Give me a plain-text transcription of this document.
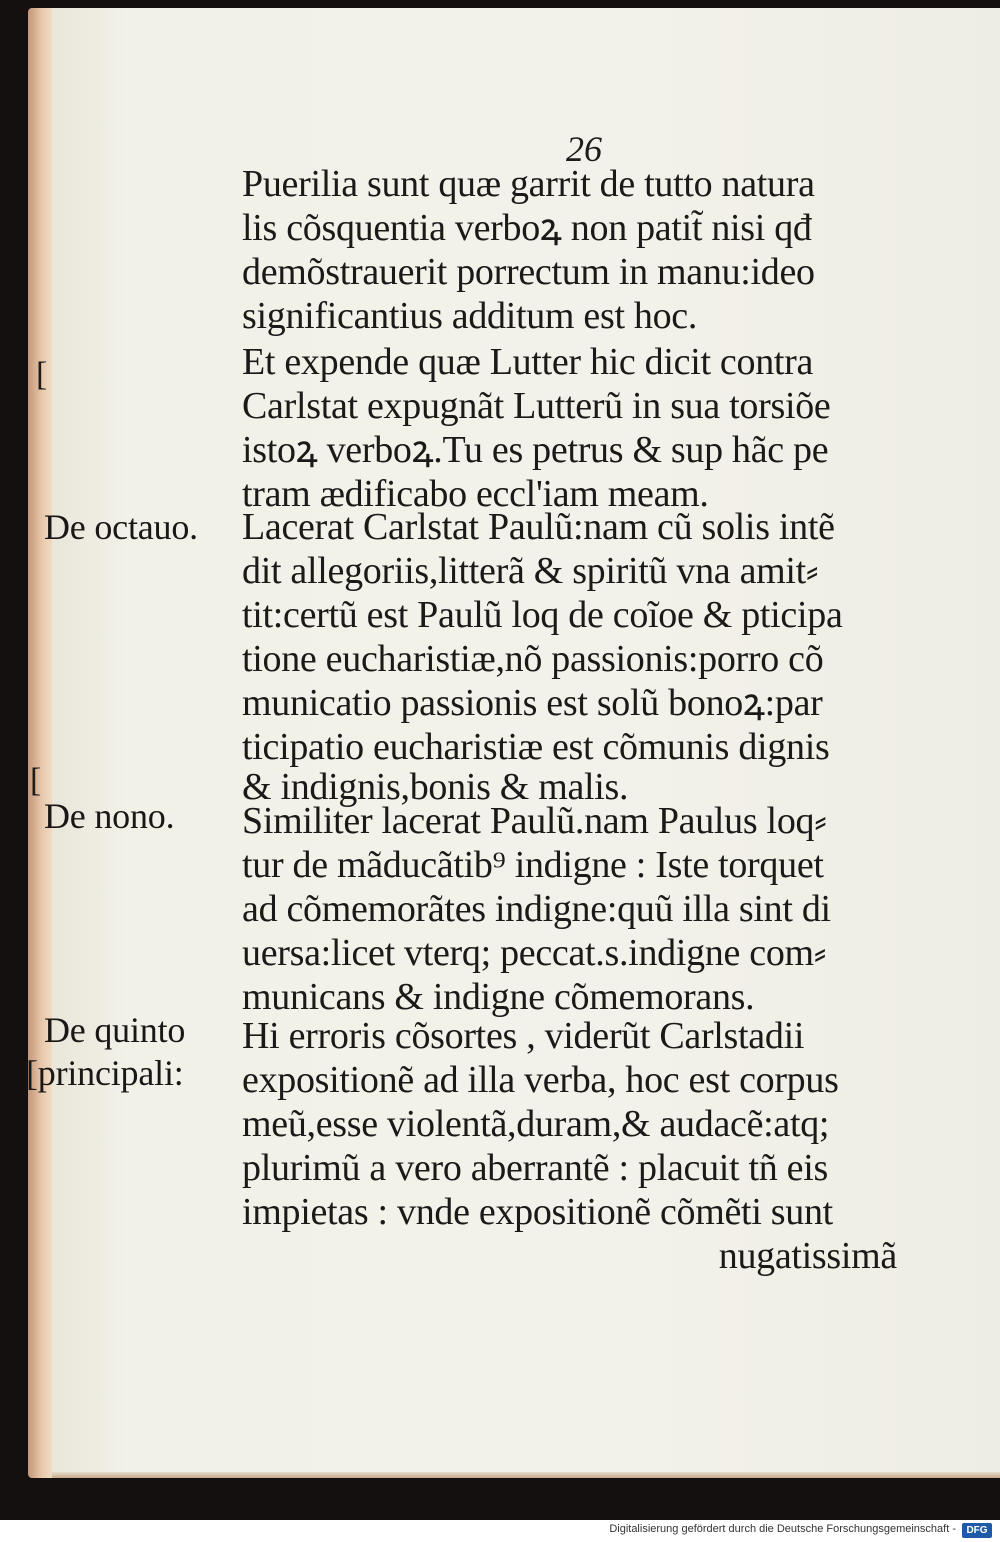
26
Puerilia sunt quæ garrit de tutto natura
lis cõsquentia verboꝝ non patit̃ nisi qđ
demõstrauerit porrectum in manu:ideo
significantius additum est hoc.
Et expende quæ Lutter hic dicit contra
Carlstat expugnãt Lutterũ in sua torsiõe
istoꝝ verboꝝ.Tu es petrus & sup hãc pe
tram ædificabo eccl'iam meam.
Lacerat Carlstat Paulũ:nam cũ solis intẽ
dit allegoriis,litterã & spiritũ vna amit⸗
tit:certũ est Paulũ loq de coĩoe & pticipa
tione eucharistiæ,nõ passionis:porro cõ
municatio passionis est solũ bonoꝝ:par
ticipatio eucharistiæ est cõmunis dignis
& indignis,bonis & malis.
Similiter lacerat Paulũ.nam Paulus loq⸗
tur de mãducãtib⁹ indigne : Iste torquet
ad cõmemorãtes indigne:quũ illa sint di
uersa:licet vterq; peccat.s.indigne com⸗
municans & indigne cõmemorans.
Hi erroris cõsortes , viderũt Carlstadii
expositionẽ ad illa verba, hoc est corpus
meũ,esse violentã,duram,& audacẽ:atq;
plurimũ a vero aberrantẽ : placuit tñ eis
impietas : vnde expositionẽ cõmẽti sunt
nugatissimã
De octauo.
De nono.
De quinto
[principali:
[
[
Digitalisierung gefördert durch die Deutsche Forschungsgemeinschaft -	DFG
